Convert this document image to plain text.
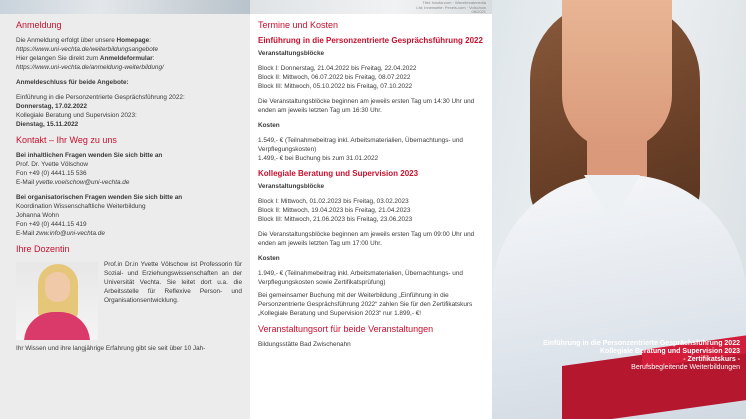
Anmeldung

Die Anmeldung erfolgt über unsere Homepage:
https://www.uni-vechta.de/weiterbildungsangebote
Hier gelangen Sie direkt zum Anmeldeformular:
https://www.uni-vechta.de/anmeldung-weiterbildung/

Anmeldeschluss für beide Angebote:

Einführung in die Personzentrierte Gesprächsführung 2022:
Donnerstag, 17.02.2022
Kollegiale Beratung und Supervision 2023:
Dienstag, 15.11.2022

Kontakt – Ihr Weg zu uns

Bei inhaltlichen Fragen wenden Sie sich bitte an
Prof. Dr. Yvette Völschow
Fon +49 (0) 4441.15 536
E-Mail yvette.voelschow@uni-vechta.de

Bei organisatorischen Fragen wenden Sie sich bitte an
Koordination Wissenschaftliche Weiterbildung
Johanna Wohn
Fon +49 (0) 4441.15 419
E-Mail zww.info@uni-vechta.de

Ihre Dozentin
Prof.in Dr.in Yvette Völschow ist Professorin für Sozial- und Erziehungswissenschaften an der Universität Vechta. Sie leitet dort u.a. die Arbeitsstelle für Reflexive Person- und Organisationsentwicklung.
Ihr Wissen und ihre langjährige Erfahrung gibt sie seit über 10 Jah-
Titel: fotolia.com · Wavebreakmedia Ltd; Innenseite: Pexels.com · Volschow 08/2021
Termine und Kosten
Einführung in die Personzentrierte Gesprächsführung 2022

Veranstaltungsblöcke

Block I: Donnerstag, 21.04.2022 bis Freitag, 22.04.2022
Block II: Mittwoch, 06.07.2022 bis Freitag, 08.07.2022
Block III: Mittwoch, 05.10.2022 bis Freitag, 07.10.2022

Die Veranstaltungsblöcke beginnen am jeweils ersten Tag um 14:30 Uhr und enden am jeweils letzten Tag um 16:30 Uhr.

Kosten

1.549,- € (Teilnahmebeitrag inkl. Arbeitsmaterialien, Übernachtungs- und Verpflegungskosten)
1.499,- € bei Buchung bis zum 31.01.2022

Kollegiale Beratung und Supervision 2023

Veranstaltungsblöcke

Block I: Mittwoch, 01.02.2023 bis Freitag, 03.02.2023
Block II: Mittwoch, 19.04.2023 bis Freitag, 21.04.2023
Block III: Mittwoch, 21.06.2023 bis Freitag, 23.06.2023

Die Veranstaltungsblöcke beginnen am jeweils ersten Tag um 09:00 Uhr und enden am jeweils letzten Tag um 17:00 Uhr.

Kosten

1.949,- € (Teilnahmebeitrag inkl. Arbeitsmaterialien, Übernachtungs- und Verpflegungskosten sowie Zertifikatsprüfung)
Bei gemeinsamer Buchung mit der Weiterbildung „Einführung in die Personzentrierte Gesprächsführung 2022“ zahlen Sie für den Zertifikatskurs „Kollegiale Beratung und Supervision 2023“ nur 1.899,- €!

Veranstaltungsort für beide Veranstaltungen

Bildungsstätte Bad Zwischenahn	Einführung in die Personzentrierte Gesprächsführung 2022
Kollegiale Beratung und Supervision 2023
- Zertifikatskurs -
Berufsbegleitende Weiterbildungen
